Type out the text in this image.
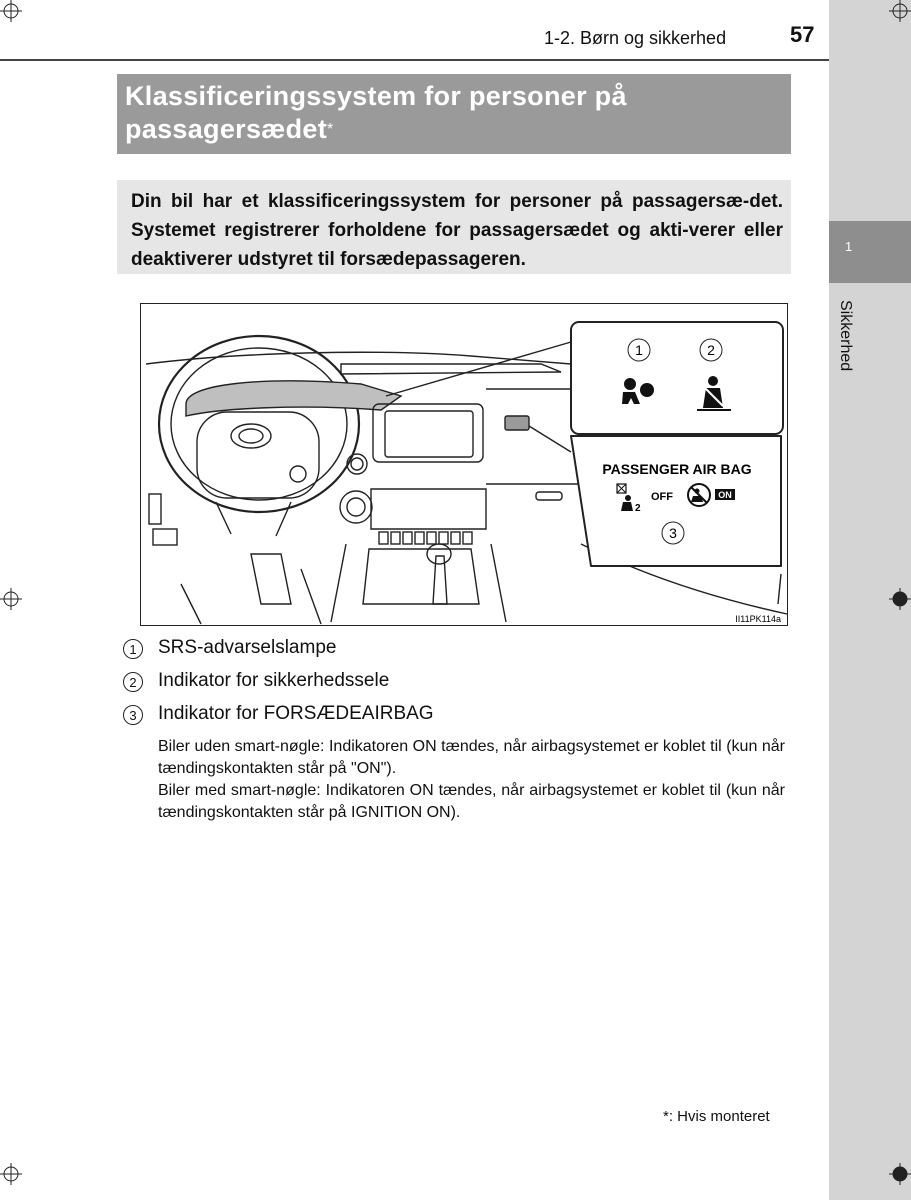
1
Sikkerhed
1-2. Børn og sikkerhed	57
Klassificeringssystem for personer på passagersædet*
Din bil har et klassificeringssystem for personer på passagersæ-det. Systemet registrerer forholdene for passagersædet og akti-verer eller deaktiverer udstyret til forsædepassageren.
1	2
PASSENGER AIR BAG
2
OFF	ON
3
II11PK114a
1	SRS-advarselslampe
2	Indikator for sikkerhedssele
3	Indikator for FORSÆDEAIRBAG

Biler uden smart-nøgle: Indikatoren ON tændes, når airbagsystemet er koblet til (kun når tændingskontakten står på "ON").

Biler med smart-nøgle: Indikatoren ON tændes, når airbagsystemet er koblet til (kun når tændingskontakten står på IGNITION ON).

*: Hvis monteret
